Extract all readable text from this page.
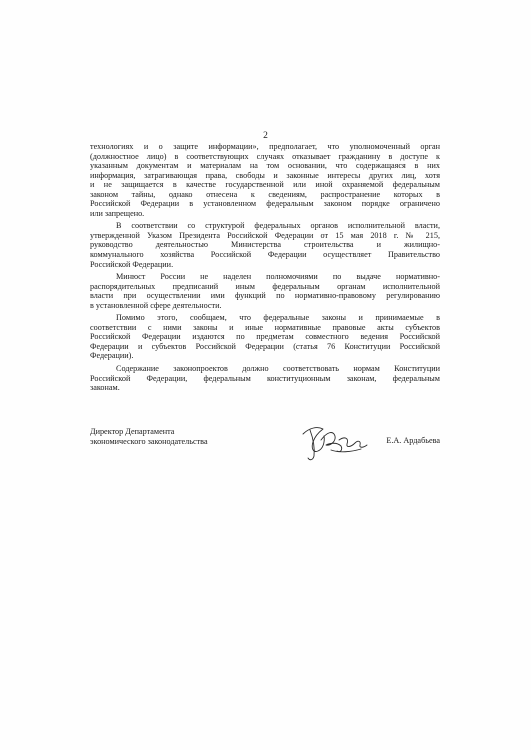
2

технологиях и о защите информации», предполагает, что уполномоченный орган
(должностное лицо) в соответствующих случаях отказывает гражданину в доступе к
указанным документам и материалам на том основании, что содержащаяся в них
информация, затрагивающая права, свободы и законные интересы других лиц, хотя
и не защищается в качестве государственной или иной охраняемой федеральным
законом тайны, однако отнесена к сведениям, распространение которых в
Российской Федерации в установленном федеральным законом порядке ограничено
или запрещено.

В соответствии со структурой федеральных органов исполнительной власти,
утвержденной Указом Президента Российской Федерации от 15 мая 2018 г. № 215,
руководство деятельностью Министерства строительства и жилищно-
коммунального хозяйства Российской Федерации осуществляет Правительство
Российской Федерации.

Минюст России не наделен полномочиями по выдаче нормативно-
распорядительных предписаний иным федеральным органам исполнительной
власти при осуществлении ими функций по нормативно-правовому регулированию
в установленной сфере деятельности.

Помимо этого, сообщаем, что федеральные законы и принимаемые в
соответствии с ними законы и иные нормативные правовые акты субъектов
Российской Федерации издаются по предметам совместного ведения Российской
Федерации и субъектов Российской Федерации (статья 76 Конституции Российской
Федерации).

Содержание законопроектов должно соответствовать нормам Конституции
Российской Федерации, федеральным конституционным законам, федеральным
законам.

Директор Департамента
экономического законодательства	Е.А. Ардабьева
